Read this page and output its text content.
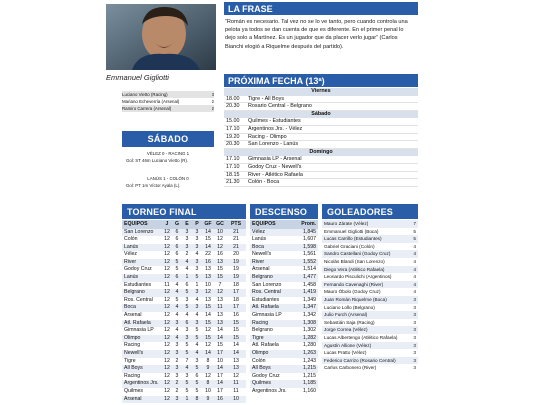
Emmanuel Gigliotti
Luciano Vietto (Racing)	3
Mariano Echeverría (Arsenal)	2
Ramiro Carrera (Arsenal)	2
SÁBADO
VÉLEZ 0 - RACING 1
Gol: ST 46m Luciano Vietto (R).
LANÚS 1 - COLÓN 0
Gol: PT 1m Víctor Ayala (L).
LA FRASE
“Román es necesario. Tal vez no se lo ve tanto, pero cuando controla una pelota ya todos se dan cuenta de que es diferente. En el primer penal lo dejo solo a Martínez. Es un jugador que da placer verlo jugar” (Carlos Bianchi elogió a Riquelme después del partido).
PRÓXIMA FECHA (13ª)
Viernes
18.00	Tigre - All Boys
20.30	Rosario Central - Belgrano
Sábado
15.00	Quilmes - Estudiantes
17.10	Argentinos Jrs. - Vélez
19.20	Racing - Olimpo
20.30	San Lorenzo - Lanús
Domingo
17.10	Gimnasia LP - Arsenal
17.10	Godoy Cruz - Newell's
18.15	River - Atlético Rafaela
21.30	Colón - Boca
TORNEO FINAL
EQUIPOS	J	G	E	P	GF	GC	PTS
San Lorenzo	12	6	3	3	14	10	21
Colón	12	6	3	3	15	12	21
Lanús	12	6	3	3	14	12	21
Vélez	12	6	2	4	22	16	20
River	12	5	4	3	16	13	19
Godoy Cruz	12	5	4	3	13	15	19
Lanús	12	6	1	5	13	15	19
Estudiantes	11	4	6	1	10	7	18
Belgrano	12	4	5	3	12	12	17
Ros. Central	12	5	3	4	13	13	18
Boca	12	4	5	3	15	11	17
Arsenal	12	4	4	4	14	13	16
Atl. Rafaela	12	3	6	3	15	13	15
Gimnasia LP	12	4	3	5	12	14	15
Olimpo	12	4	3	5	15	14	15
Racing	12	3	5	4	12	15	14
Newell's	12	3	5	4	14	17	14
Tigre	12	2	7	3	8	10	13
All Boys	12	3	4	5	9	14	13
Racing	12	3	3	6	12	17	12
Argentinos Jrs.	12	2	5	5	8	14	11
Quilmes	12	2	5	5	10	17	11
Arsenal	12	3	1	8	9	16	10
DESCENSO
EQUIPOS	Prom.
Vélez	1,845
Lanús	1,607
Boca	1,598
Newell's	1,561
River	1,552
Arsenal	1,514
Belgrano	1,477
San Lorenzo	1,458
Ros. Central	1,419
Estudiantes	1,349
Atl. Rafaela	1,347
Gimnasia LP	1,342
Racing	1,308
Belgrano	1,302
Tigre	1,282
Atl. Rafaela	1,280
Olimpo	1,263
Colón	1,243
All Boys	1,215
Godoy Cruz	1,215
Quilmes	1,185
Argentinos Jrs.	1,160
GOLEADORES
Mauro Zárate (Vélez)	7
Emmanuel Gigliotti (Boca)	5
Lucas Carrillo (Estudiantes)	5
Gabriel Graciani (Colón)	4
Sandro Castellani (Godoy Cruz)	4
Nicolás Blandi (San Lorenzo)	4
Diego Vera (Atlético Rafaela)	4
Leonardo Pisculichi (Argentinos)	4
Fernando Cavenaghi (River)	4
Mauro Óbolo (Godoy Cruz)	4
Juan Román Riquelme (Boca)	3
Luciano Lollo (Belgrano)	3
Julio Furch (Arsenal)	3
Sebastián Saja (Racing)	3
Jorge Correa (Vélez)	3
Lucas Albertengo (Atlético Rafaela)	3
Agustín Allione (Vélez)	3
Lucas Pratto (Vélez)	3
Federico Carrizo (Rosario Central)	3
Carlos Carbonero (River)	3
